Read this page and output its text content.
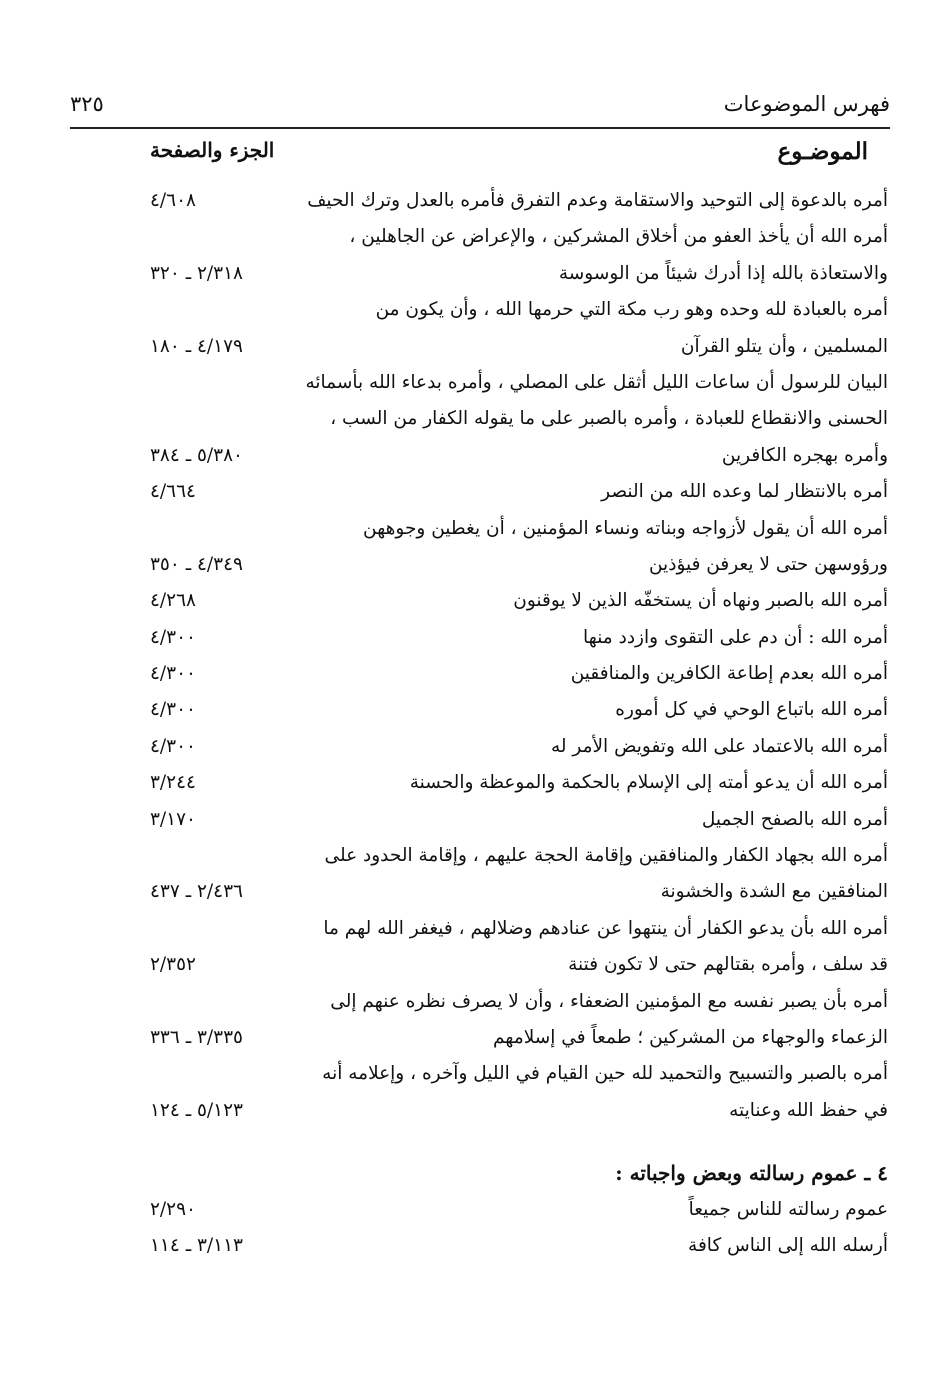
فهرس الموضوعات
٣٢٥
الموضـوع
الجزء والصفحة
أمره بالدعوة إلى التوحيد والاستقامة وعدم التفرق فأمره بالعدل وترك الحيف
٤/٦٠٨
أمره الله أن يأخذ العفو من أخلاق المشركين ، والإعراض عن الجاهلين ،
والاستعاذة بالله إذا أدرك شيئاً من الوسوسة
٢/٣١٨ ـ ٣٢٠
أمره بالعبادة لله وحده وهو رب مكة التي حرمها الله ، وأن يكون من
المسلمين ، وأن يتلو القرآن
٤/١٧٩ ـ ١٨٠
البيان للرسول أن ساعات الليل أثقل على المصلي ، وأمره بدعاء الله بأسمائه
الحسنى والانقطاع للعبادة ، وأمره بالصبر على ما يقوله الكفار من السب ،
وأمره بهجره الكافرين
٥/٣٨٠ ـ ٣٨٤
أمره بالانتظار لما وعده الله من النصر
٤/٦٦٤
أمره الله أن يقول لأزواجه وبناته ونساء المؤمنين ، أن يغطين وجوههن
ورؤوسهن حتى لا يعرفن فيؤذين
٤/٣٤٩ ـ ٣٥٠
أمره الله بالصبر ونهاه أن يستخفّه الذين لا يوقنون
٤/٢٦٨
أمره الله : أن دم على التقوى وازدد منها
٤/٣٠٠
أمره الله بعدم إطاعة الكافرين والمنافقين
٤/٣٠٠
أمره الله باتباع الوحي في كل أموره
٤/٣٠٠
أمره الله بالاعتماد على الله وتفويض الأمر له
٤/٣٠٠
أمره الله أن يدعو أمته إلى الإسلام بالحكمة والموعظة والحسنة
٣/٢٤٤
أمره الله بالصفح الجميل
٣/١٧٠
أمره الله بجهاد الكفار والمنافقين وإقامة الحجة عليهم ، وإقامة الحدود على
المنافقين مع الشدة والخشونة
٢/٤٣٦ ـ ٤٣٧
أمره الله بأن يدعو الكفار أن ينتهوا عن عنادهم وضلالهم ، فيغفر الله لهم ما
قد سلف ، وأمره بقتالهم حتى لا تكون فتنة
٢/٣٥٢
أمره بأن يصبر نفسه مع المؤمنين الضعفاء ، وأن لا يصرف نظره عنهم إلى
الزعماء والوجهاء من المشركين ؛ طمعاً في إسلامهم
٣/٣٣٥ ـ ٣٣٦
أمره بالصبر والتسبيح والتحميد لله حين القيام في الليل وآخره ، وإعلامه أنه
في حفظ الله وعنايته
٥/١٢٣ ـ ١٢٤
٤ ـ عموم رسالته وبعض واجباته :
عموم رسالته للناس جميعاً
٢/٢٩٠
أرسله الله إلى الناس كافة
٣/١١٣ ـ ١١٤
